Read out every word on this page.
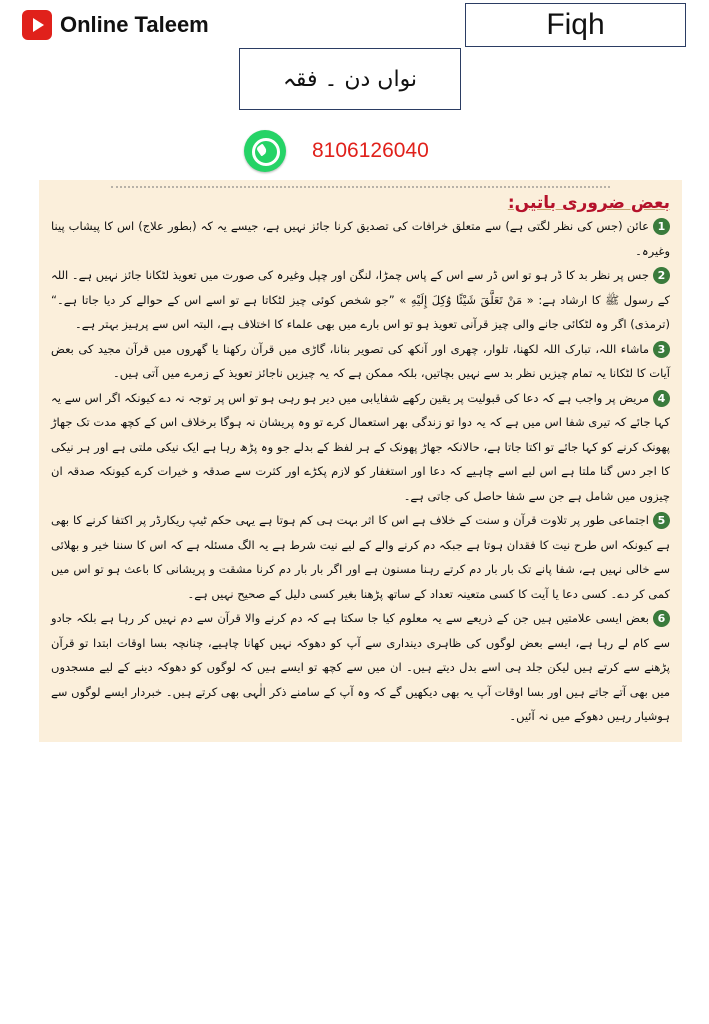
Online Taleem	Fiqh
نواں دن ۔ فقہ
8106126040
بعض ضروری باتیں:
1عائن (جس کی نظر لگتی ہے) سے متعلق خرافات کی تصدیق کرنا جائز نہیں ہے، جیسے یہ کہ (بطور علاج) اس کا پیشاب پینا وغیرہ۔
2جس پر نظر بد کا ڈر ہو تو اس ڈر سے اس کے پاس چمڑا، لنگن اور چپل وغیرہ کی صورت میں تعویذ لٹکانا جائز نہیں ہے۔ اللہ کے رسول ﷺ کا ارشاد ہے: « مَنْ تَعَلَّقَ شَيْئًا وُكِلَ إِلَيْهِ » ”جو شخص کوئی چیز لٹکاتا ہے تو اسے اس کے حوالے کر دیا جاتا ہے۔“ (ترمذی) اگر وہ لٹکائی جانے والی چیز قرآنی تعویذ ہو تو اس بارے میں بھی علماء کا اختلاف ہے، البتہ اس سے پرہیز بہتر ہے۔
3ماشاء اللہ، تبارک اللہ لکھنا، تلوار، چھری اور آنکھ کی تصویر بنانا، گاڑی میں قرآن رکھنا یا گھروں میں قرآن مجید کی بعض آیات کا لٹکانا یہ تمام چیزیں نظر بد سے نہیں بچاتیں، بلکہ ممکن ہے کہ یہ چیزیں ناجائز تعویذ کے زمرے میں آتی ہیں۔
4مریض پر واجب ہے کہ دعا کی قبولیت پر یقین رکھے شفایابی میں دیر ہو رہی ہو تو اس پر توجہ نہ دے کیونکہ اگر اس سے یہ کہا جائے کہ تیری شفا اس میں ہے کہ یہ دوا تو زندگی بھر استعمال کرے تو وہ پریشان نہ ہوگا برخلاف اس کے کچھ مدت تک جھاڑ پھونک کرنے کو کہا جائے تو اکتا جاتا ہے، حالانکہ جھاڑ پھونک کے ہر لفظ کے بدلے جو وہ پڑھ رہا ہے ایک نیکی ملتی ہے اور ہر نیکی کا اجر دس گنا ملتا ہے اس لیے اسے چاہیے کہ دعا اور استغفار کو لازم پکڑے اور کثرت سے صدقہ و خیرات کرے کیونکہ صدقہ ان چیزوں میں شامل ہے جن سے شفا حاصل کی جاتی ہے۔
5اجتماعی طور پر تلاوت قرآن و سنت کے خلاف ہے اس کا اثر بہت ہی کم ہوتا ہے یہی حکم ٹیپ ریکارڈر پر اکتفا کرنے کا بھی ہے کیونکہ اس طرح نیت کا فقدان ہوتا ہے جبکہ دم کرنے والے کے لیے نیت شرط ہے یہ الگ مسئلہ ہے کہ اس کا سننا خیر و بھلائی سے خالی نہیں ہے، شفا پانے تک بار بار دم کرتے رہنا مسنون ہے اور اگر بار بار دم کرنا مشقت و پریشانی کا باعث ہو تو اس میں کمی کر دے۔ کسی دعا یا آیت کا کسی متعینہ تعداد کے ساتھ پڑھنا بغیر کسی دلیل کے صحیح نہیں ہے۔
6بعض ایسی علامتیں ہیں جن کے ذریعے سے یہ معلوم کیا جا سکتا ہے کہ دم کرنے والا قرآن سے دم نہیں کر رہا ہے بلکہ جادو سے کام لے رہا ہے، ایسے بعض لوگوں کی ظاہری دینداری سے آپ کو دھوکہ نہیں کھانا چاہیے، چنانچہ بسا اوقات ابتدا تو قرآن پڑھنے سے کرتے ہیں لیکن جلد ہی اسے بدل دیتے ہیں۔ ان میں سے کچھ تو ایسے ہیں کہ لوگوں کو دھوکہ دینے کے لیے مسجدوں میں بھی آتے جاتے ہیں اور بسا اوقات آپ یہ بھی دیکھیں گے کہ وہ آپ کے سامنے ذکر الٰہی بھی کرتے ہیں۔ خبردار ایسے لوگوں سے ہوشیار رہیں دھوکے میں نہ آئیں۔
